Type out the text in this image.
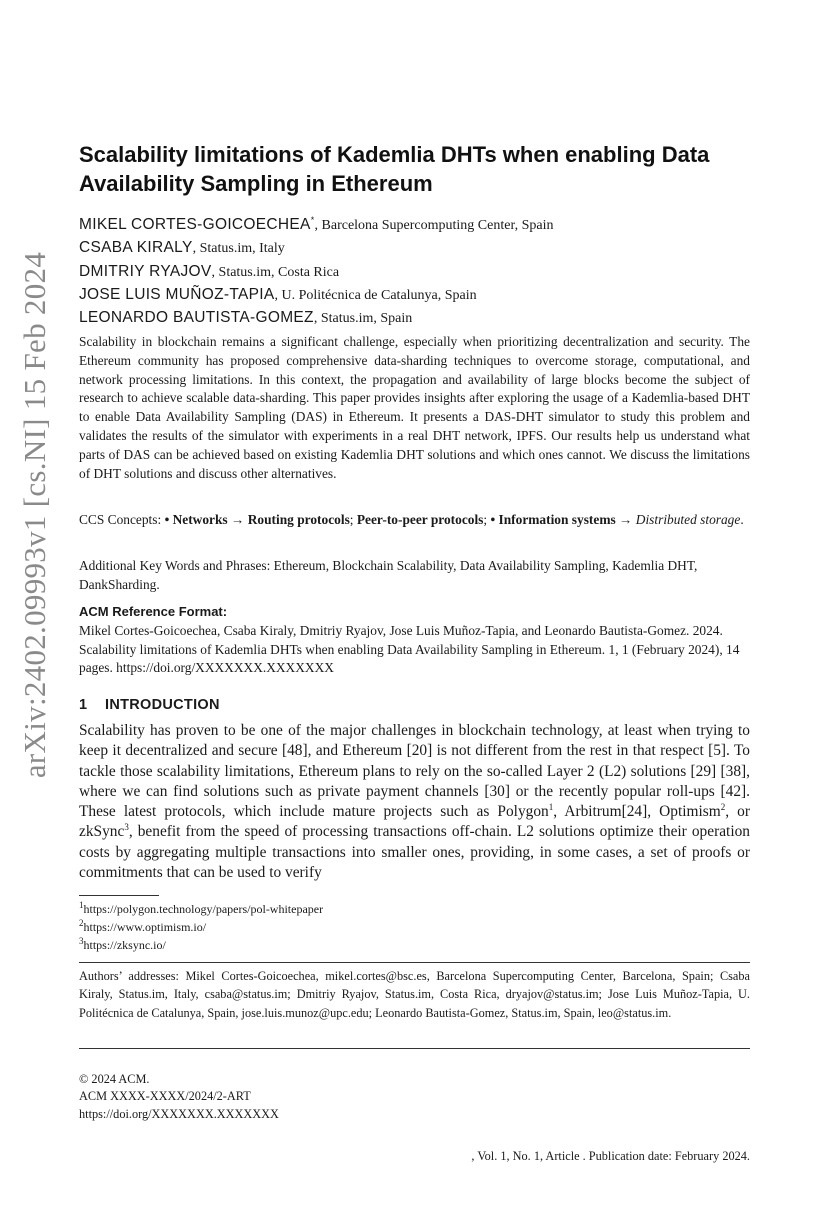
arXiv:2402.09993v1 [cs.NI] 15 Feb 2024
Scalability limitations of Kademlia DHTs when enabling Data Availability Sampling in Ethereum
MIKEL CORTES-GOICOECHEA*, Barcelona Supercomputing Center, Spain
CSABA KIRALY, Status.im, Italy
DMITRIY RYAJOV, Status.im, Costa Rica
JOSE LUIS MUÑOZ-TAPIA, U. Politécnica de Catalunya, Spain
LEONARDO BAUTISTA-GOMEZ, Status.im, Spain
Scalability in blockchain remains a significant challenge, especially when prioritizing decentralization and security. The Ethereum community has proposed comprehensive data-sharding techniques to overcome storage, computational, and network processing limitations. In this context, the propagation and availability of large blocks become the subject of research to achieve scalable data-sharding. This paper provides insights after exploring the usage of a Kademlia-based DHT to enable Data Availability Sampling (DAS) in Ethereum. It presents a DAS-DHT simulator to study this problem and validates the results of the simulator with experiments in a real DHT network, IPFS. Our results help us understand what parts of DAS can be achieved based on existing Kademlia DHT solutions and which ones cannot. We discuss the limitations of DHT solutions and discuss other alternatives.
CCS Concepts: • Networks → Routing protocols; Peer-to-peer protocols; • Information systems → Distributed storage.
Additional Key Words and Phrases: Ethereum, Blockchain Scalability, Data Availability Sampling, Kademlia DHT, DankSharding.
ACM Reference Format:
Mikel Cortes-Goicoechea, Csaba Kiraly, Dmitriy Ryajov, Jose Luis Muñoz-Tapia, and Leonardo Bautista-Gomez. 2024. Scalability limitations of Kademlia DHTs when enabling Data Availability Sampling in Ethereum. 1, 1 (February 2024), 14 pages. https://doi.org/XXXXXXX.XXXXXXX
1 INTRODUCTION
Scalability has proven to be one of the major challenges in blockchain technology, at least when trying to keep it decentralized and secure [48], and Ethereum [20] is not different from the rest in that respect [5]. To tackle those scalability limitations, Ethereum plans to rely on the so-called Layer 2 (L2) solutions [29] [38], where we can find solutions such as private payment channels [30] or the recently popular roll-ups [42]. These latest protocols, which include mature projects such as Polygon$^1$, Arbitrum[24], Optimism$^2$, or zkSync$^3$, benefit from the speed of processing transactions off-chain. L2 solutions optimize their operation costs by aggregating multiple transactions into smaller ones, providing, in some cases, a set of proofs or commitments that can be used to verify
$^1$https://polygon.technology/papers/pol-whitepaper
$^2$https://www.optimism.io/
$^3$https://zksync.io/
Authors’ addresses: Mikel Cortes-Goicoechea, mikel.cortes@bsc.es, Barcelona Supercomputing Center, Barcelona, Spain; Csaba Kiraly, Status.im, Italy, csaba@status.im; Dmitriy Ryajov, Status.im, Costa Rica, dryajov@status.im; Jose Luis Muñoz-Tapia, U. Politécnica de Catalunya, Spain, jose.luis.munoz@upc.edu; Leonardo Bautista-Gomez, Status.im, Spain, leo@status.im.
© 2024 ACM.
ACM XXXX-XXXX/2024/2-ART
https://doi.org/XXXXXXX.XXXXXXX
, Vol. 1, No. 1, Article . Publication date: February 2024.
